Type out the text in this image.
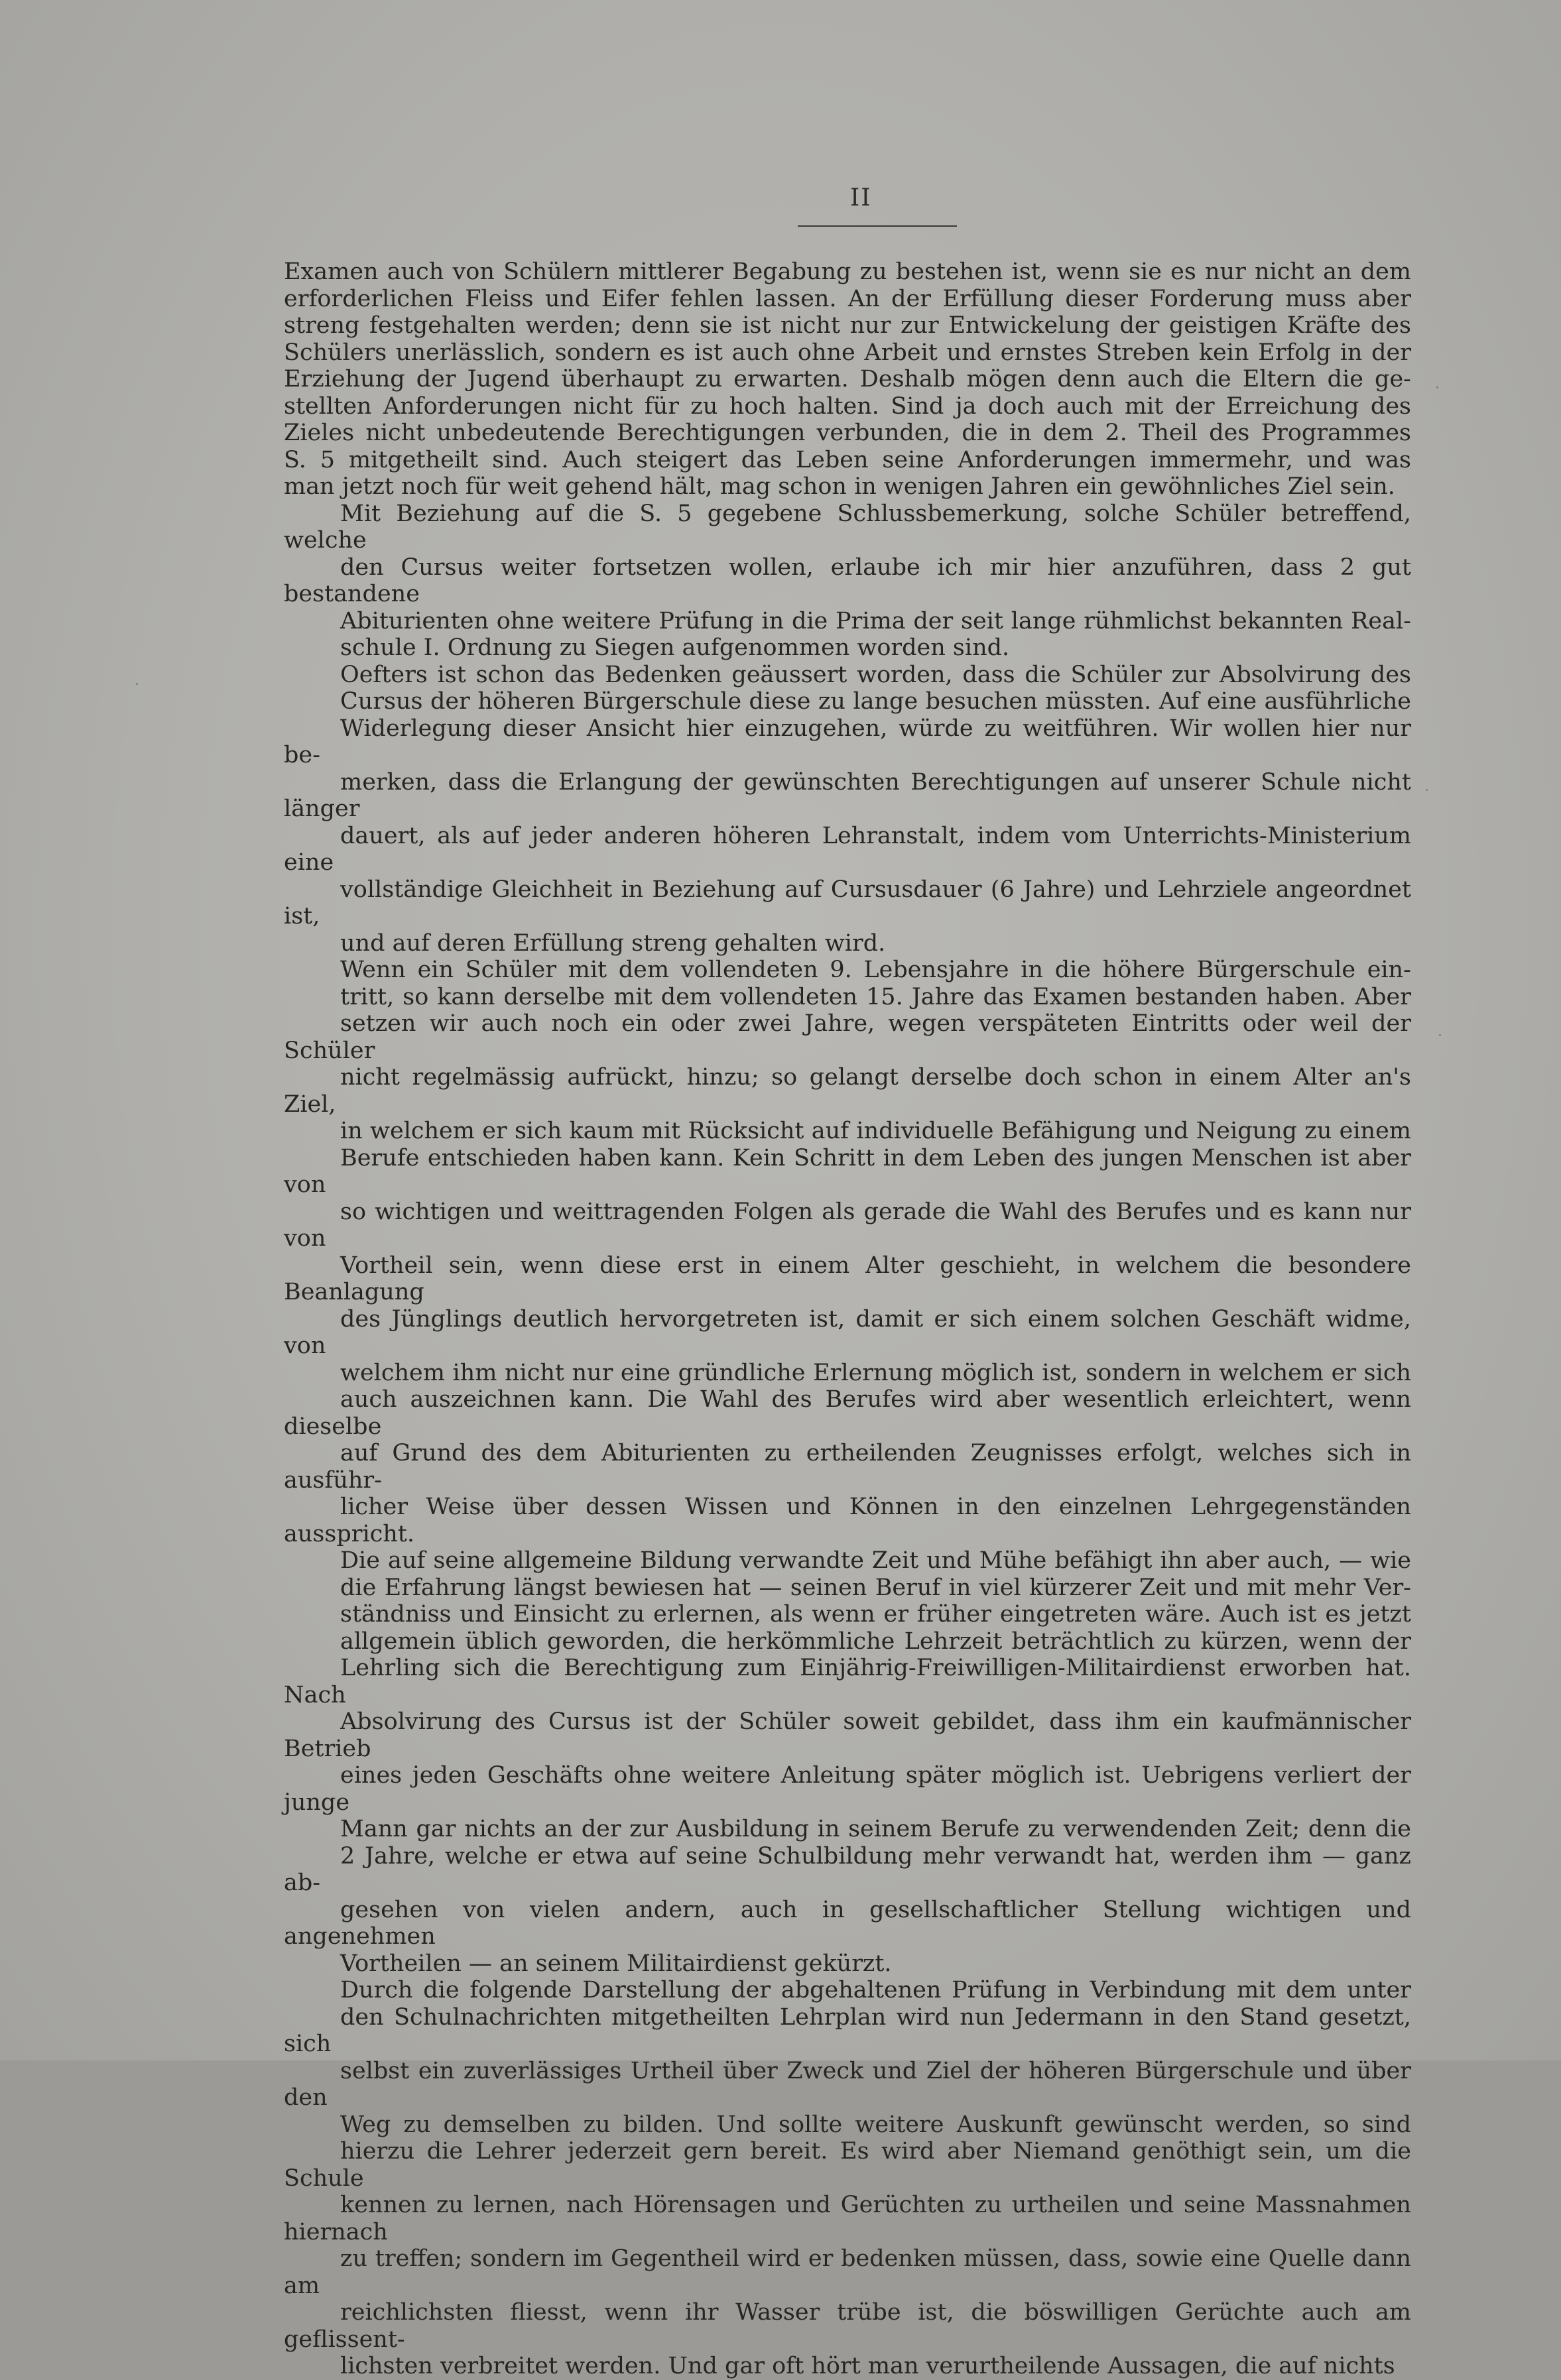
II

Examen auch von Schülern mittlerer Begabung zu bestehen ist, wenn sie es nur nicht an dem
erforderlichen Fleiss und Eifer fehlen lassen. An der Erfüllung dieser Forderung muss aber
streng festgehalten werden; denn sie ist nicht nur zur Entwickelung der geistigen Kräfte des
Schülers unerlässlich, sondern es ist auch ohne Arbeit und ernstes Streben kein Erfolg in der
Erziehung der Jugend überhaupt zu erwarten. Deshalb mögen denn auch die Eltern die ge-
stellten Anforderungen nicht für zu hoch halten. Sind ja doch auch mit der Erreichung des
Zieles nicht unbedeutende Berechtigungen verbunden, die in dem 2. Theil des Programmes
S. 5 mitgetheilt sind. Auch steigert das Leben seine Anforderungen immermehr, und was
man jetzt noch für weit gehend hält, mag schon in wenigen Jahren ein gewöhnliches Ziel sein.

Mit Beziehung auf die S. 5 gegebene Schlussbemerkung, solche Schüler betreffend, welche
den Cursus weiter fortsetzen wollen, erlaube ich mir hier anzuführen, dass 2 gut bestandene
Abiturienten ohne weitere Prüfung in die Prima der seit lange rühmlichst bekannten Real-
schule I. Ordnung zu Siegen aufgenommen worden sind.

Oefters ist schon das Bedenken geäussert worden, dass die Schüler zur Absolvirung des
Cursus der höheren Bürgerschule diese zu lange besuchen müssten. Auf eine ausführliche
Widerlegung dieser Ansicht hier einzugehen, würde zu weitführen. Wir wollen hier nur be-
merken, dass die Erlangung der gewünschten Berechtigungen auf unserer Schule nicht länger
dauert, als auf jeder anderen höheren Lehranstalt, indem vom Unterrichts-Ministerium eine
vollständige Gleichheit in Beziehung auf Cursusdauer (6 Jahre) und Lehrziele angeordnet ist,
und auf deren Erfüllung streng gehalten wird.

Wenn ein Schüler mit dem vollendeten 9. Lebensjahre in die höhere Bürgerschule ein-
tritt, so kann derselbe mit dem vollendeten 15. Jahre das Examen bestanden haben. Aber
setzen wir auch noch ein oder zwei Jahre, wegen verspäteten Eintritts oder weil der Schüler
nicht regelmässig aufrückt, hinzu; so gelangt derselbe doch schon in einem Alter an's Ziel,
in welchem er sich kaum mit Rücksicht auf individuelle Befähigung und Neigung zu einem
Berufe entschieden haben kann. Kein Schritt in dem Leben des jungen Menschen ist aber von
so wichtigen und weittragenden Folgen als gerade die Wahl des Berufes und es kann nur von
Vortheil sein, wenn diese erst in einem Alter geschieht, in welchem die besondere Beanlagung
des Jünglings deutlich hervorgetreten ist, damit er sich einem solchen Geschäft widme, von
welchem ihm nicht nur eine gründliche Erlernung möglich ist, sondern in welchem er sich
auch auszeichnen kann. Die Wahl des Berufes wird aber wesentlich erleichtert, wenn dieselbe
auf Grund des dem Abiturienten zu ertheilenden Zeugnisses erfolgt, welches sich in ausführ-
licher Weise über dessen Wissen und Können in den einzelnen Lehrgegenständen ausspricht.
Die auf seine allgemeine Bildung verwandte Zeit und Mühe befähigt ihn aber auch, — wie
die Erfahrung längst bewiesen hat — seinen Beruf in viel kürzerer Zeit und mit mehr Ver-
ständniss und Einsicht zu erlernen, als wenn er früher eingetreten wäre. Auch ist es jetzt
allgemein üblich geworden, die herkömmliche Lehrzeit beträchtlich zu kürzen, wenn der
Lehrling sich die Berechtigung zum Einjährig-Freiwilligen-Militairdienst erworben hat. Nach
Absolvirung des Cursus ist der Schüler soweit gebildet, dass ihm ein kaufmännischer Betrieb
eines jeden Geschäfts ohne weitere Anleitung später möglich ist. Uebrigens verliert der junge
Mann gar nichts an der zur Ausbildung in seinem Berufe zu verwendenden Zeit; denn die
2 Jahre, welche er etwa auf seine Schulbildung mehr verwandt hat, werden ihm — ganz ab-
gesehen von vielen andern, auch in gesellschaftlicher Stellung wichtigen und angenehmen
Vortheilen — an seinem Militairdienst gekürzt.

Durch die folgende Darstellung der abgehaltenen Prüfung in Verbindung mit dem unter
den Schulnachrichten mitgetheilten Lehrplan wird nun Jedermann in den Stand gesetzt, sich
selbst ein zuverlässiges Urtheil über Zweck und Ziel der höheren Bürgerschule und über den
Weg zu demselben zu bilden. Und sollte weitere Auskunft gewünscht werden, so sind
hierzu die Lehrer jederzeit gern bereit. Es wird aber Niemand genöthigt sein, um die Schule
kennen zu lernen, nach Hörensagen und Gerüchten zu urtheilen und seine Massnahmen hiernach
zu treffen; sondern im Gegentheil wird er bedenken müssen, dass, sowie eine Quelle dann am
reichlichsten fliesst, wenn ihr Wasser trübe ist, die böswilligen Gerüchte auch am geflissent-
lichsten verbreitet werden. Und gar oft hört man verurtheilende Aussagen, die auf nichts
